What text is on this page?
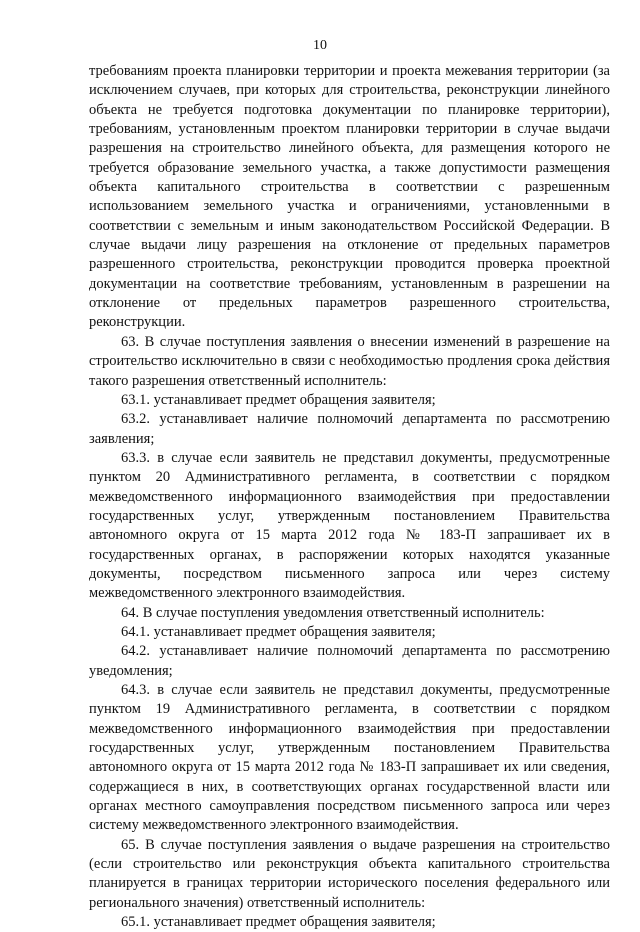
10

требованиям проекта планировки территории и проекта межевания территории (за исключением случаев, при которых для строительства, реконструкции линейного объекта не требуется подготовка документации по планировке территории), требованиям, установленным проектом планировки территории в случае выдачи разрешения на строительство линейного объекта, для размещения которого не требуется образование земельного участка, а также допустимости размещения объекта капитального строительства в соответствии с разрешенным использованием земельного участка и ограничениями, установленными в соответствии с земельным и иным законодательством Российской Федерации. В случае выдачи лицу разрешения на отклонение от предельных параметров разрешенного строительства, реконструкции проводится проверка проектной документации на соответствие требованиям, установленным в разрешении на отклонение от предельных параметров разрешенного строительства, реконструкции.

63. В случае поступления заявления о внесении изменений в разрешение на строительство исключительно в связи с необходимостью продления срока действия такого разрешения ответственный исполнитель:

63.1. устанавливает предмет обращения заявителя;

63.2. устанавливает наличие полномочий департамента по рассмотрению заявления;

63.3. в случае если заявитель не представил документы, предусмотренные пунктом 20 Административного регламента, в соответствии с порядком межведомственного информационного взаимодействия при предоставлении государственных услуг, утвержденным постановлением Правительства автономного округа от 15 марта 2012 года № 183-П запрашивает их в государственных органах, в распоряжении которых находятся указанные документы, посредством письменного запроса или через систему межведомственного электронного взаимодействия.

64. В случае поступления уведомления ответственный исполнитель:

64.1. устанавливает предмет обращения заявителя;

64.2. устанавливает наличие полномочий департамента по рассмотрению уведомления;

64.3. в случае если заявитель не представил документы, предусмотренные пунктом 19 Административного регламента, в соответствии с порядком межведомственного информационного взаимодействия при предоставлении государственных услуг, утвержденным постановлением Правительства автономного округа от 15 марта 2012 года № 183-П запрашивает их или сведения, содержащиеся в них, в соответствующих органах государственной власти или органах местного самоуправления посредством письменного запроса или через систему межведомственного электронного взаимодействия.

65. В случае поступления заявления о выдаче разрешения на строительство (если строительство или реконструкция объекта капитального строительства планируется в границах территории исторического поселения федерального или регионального значения) ответственный исполнитель:

65.1. устанавливает предмет обращения заявителя;
